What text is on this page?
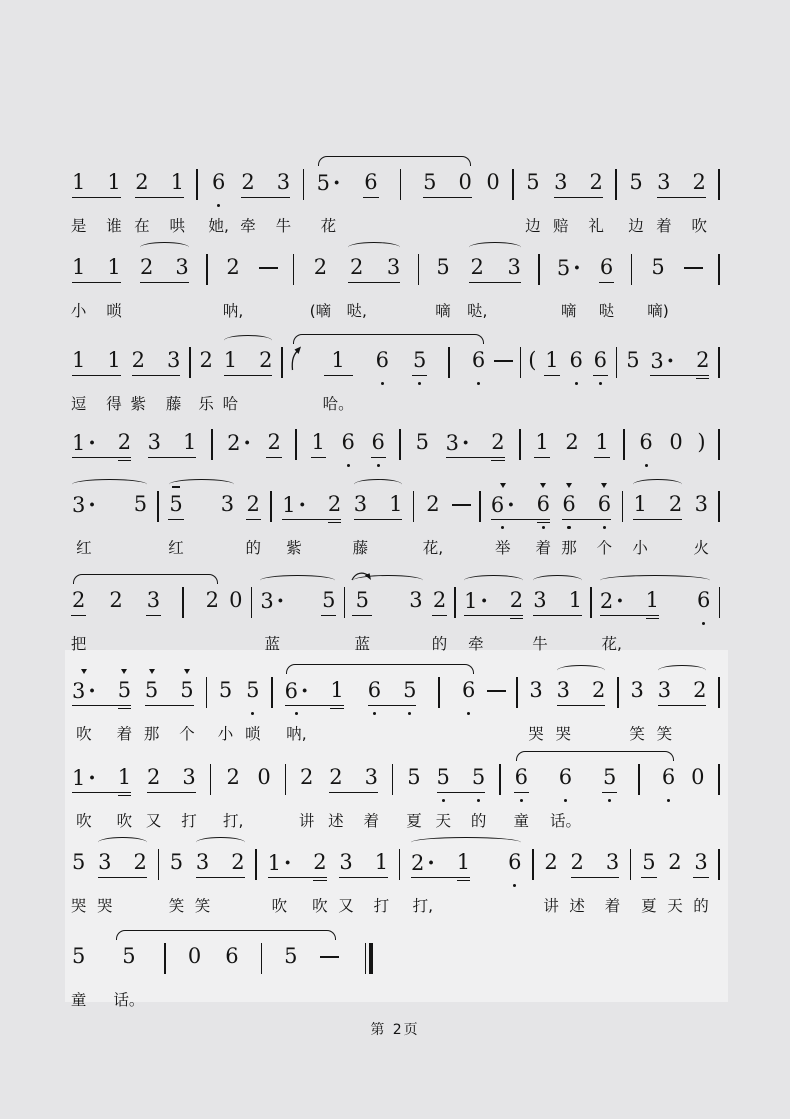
1
是
1
谁
2
在
1
哄
6
她,
2
牵
3
牛
5 ·
花
6 5 0 0 5
边
3
赔
2
礼
5
边
3
着
2
吹
1
小
1
唢
2 3 2
呐,
2
(嘀
2
哒,
3 5
嘀
2
哒,
3 5 ·
嘀
6
哒
5
嘀)
1
逗
1
得
2
紫
3
藤
2
乐
1
哈
2	1
哈。
6 5 6 ( 1 6 6 5 3 · 2
1 · 2 3 1 2 · 2 1 6 6 5 3 · 2 1 2 1 6 0 )
3 ·
红
5 5
红
3 2
的
1 ·
紫
2 3
藤
1 2
花,
6 ·
举
6
着
6
那
6
个
1
小
2 3
火
2
把
2 3 2 0 3 ·
蓝
5 5
蓝
3 2
的
1 ·
牵
2 3
牛
1 2 ·
花,
1 6
3 ·
吹
5
着
5
那
5
个
5
小
5
唢
6 ·
呐,
1 6 5 6	3
哭
3
哭
2 3
笑
3
笑
2
1 ·
吹
1
吹
2
又
3
打
2
打,
0 2
讲
2
述
3
着
5
夏
5
天
5
的
6
童
6
话。
5 6 0
5
哭
3
哭
2 5
笑
3
笑
2 1 ·
吹
2
吹
3
又
1
打
2 ·
打,
1 6 2
讲
2
述
3
着
5
夏
2
天
3
的
5
童
5
话。
0 6 5
第 2页
